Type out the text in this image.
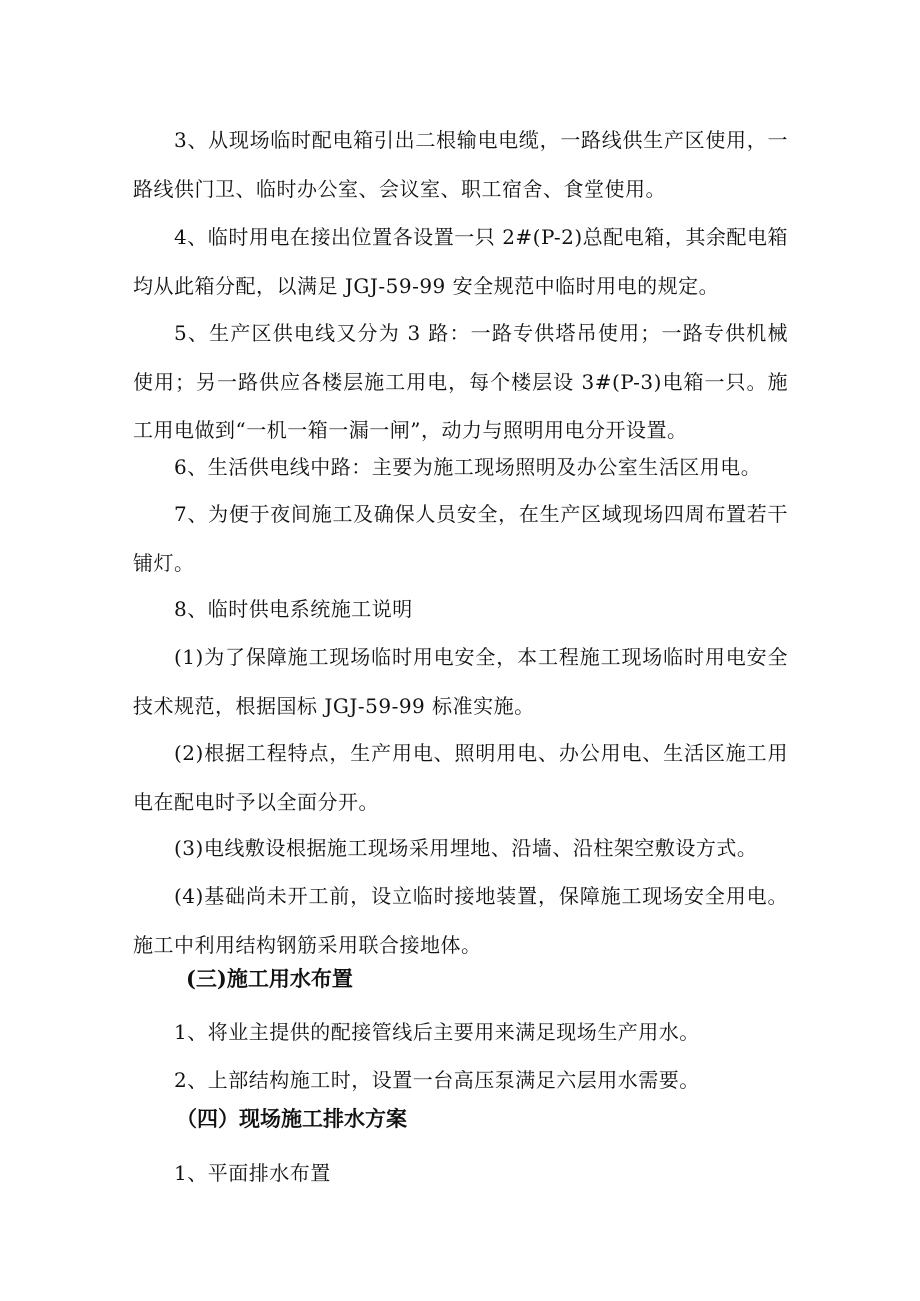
3、从现场临时配电箱引出二根输电电缆，一路线供生产区使用，一路线供门卫、临时办公室、会议室、职工宿舍、食堂使用。

4、临时用电在接出位置各设置一只 2#(P-2)总配电箱，其余配电箱均从此箱分配，以满足 JGJ-59-99 安全规范中临时用电的规定。

5、生产区供电线又分为 3 路：一路专供塔吊使用；一路专供机械使用；另一路供应各楼层施工用电，每个楼层设 3#(P-3)电箱一只。施工用电做到“一机一箱一漏一闸”，动力与照明用电分开设置。

6、生活供电线中路：主要为施工现场照明及办公室生活区用电。

7、为便于夜间施工及确保人员安全，在生产区域现场四周布置若干铺灯。

8、临时供电系统施工说明

(1)为了保障施工现场临时用电安全，本工程施工现场临时用电安全技术规范，根据国标 JGJ-59-99 标准实施。

(2)根据工程特点，生产用电、照明用电、办公用电、生活区施工用电在配电时予以全面分开。

(3)电线敷设根据施工现场采用埋地、沿墙、沿柱架空敷设方式。

(4)基础尚未开工前，设立临时接地装置，保障施工现场安全用电。施工中利用结构钢筋采用联合接地体。

(三)施工用水布置

1、将业主提供的配接管线后主要用来满足现场生产用水。

2、上部结构施工时，设置一台高压泵满足六层用水需要。

（四）现场施工排水方案

1、平面排水布置
